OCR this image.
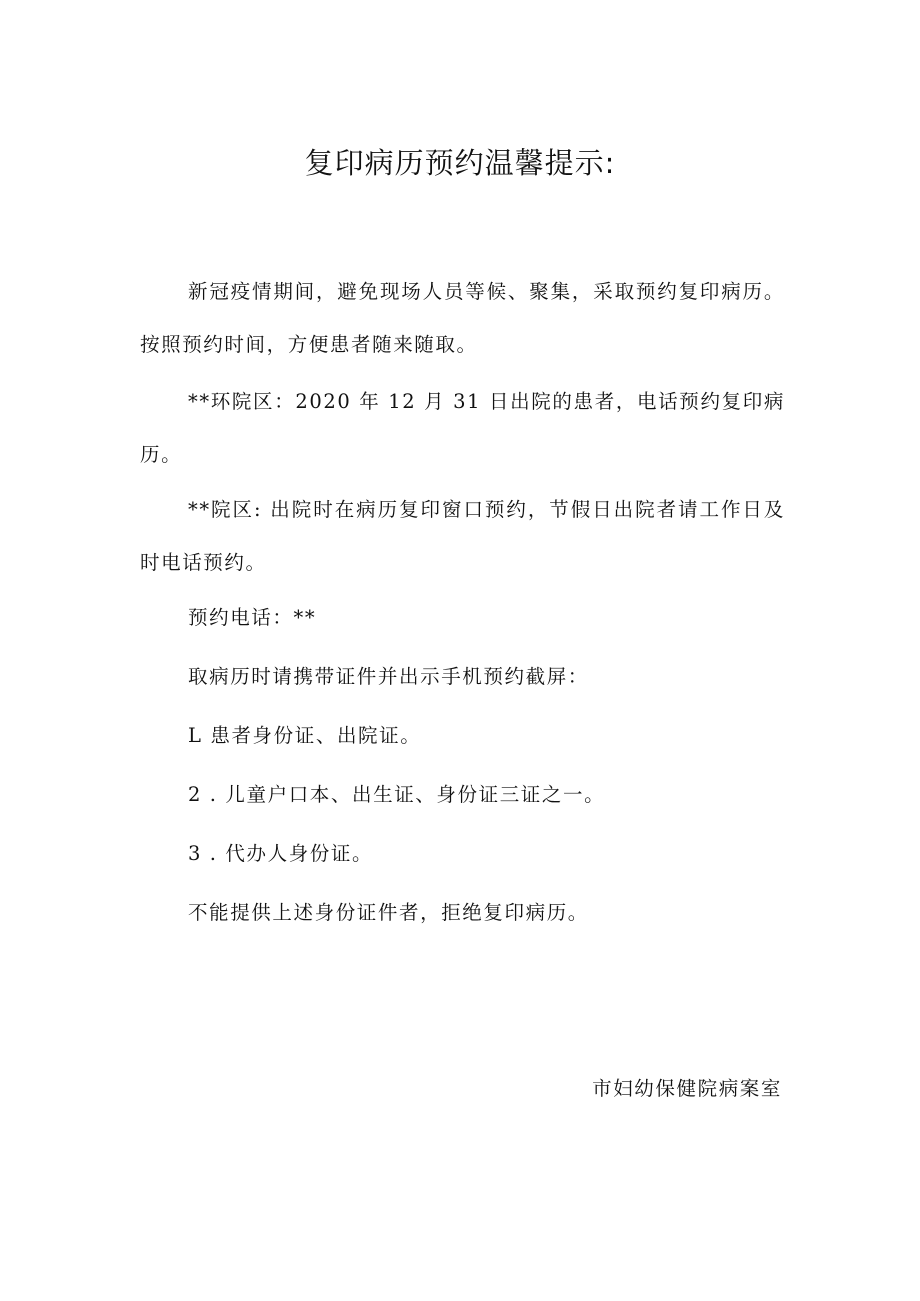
复印病历预约温馨提示:

新冠疫情期间，避免现场人员等候、聚集，采取预约复印病历。按照预约时间，方便患者随来随取。

**环院区：2020 年 12 月 31 日出院的患者，电话预约复印病历。

**院区: 出院时在病历复印窗口预约，节假日出院者请工作日及时电话预约。

预约电话：**

取病历时请携带证件并出示手机预约截屏：

L 患者身份证、出院证。

2 . 儿童户口本、出生证、身份证三证之一。

3 . 代办人身份证。

不能提供上述身份证件者，拒绝复印病历。

市妇幼保健院病案室
